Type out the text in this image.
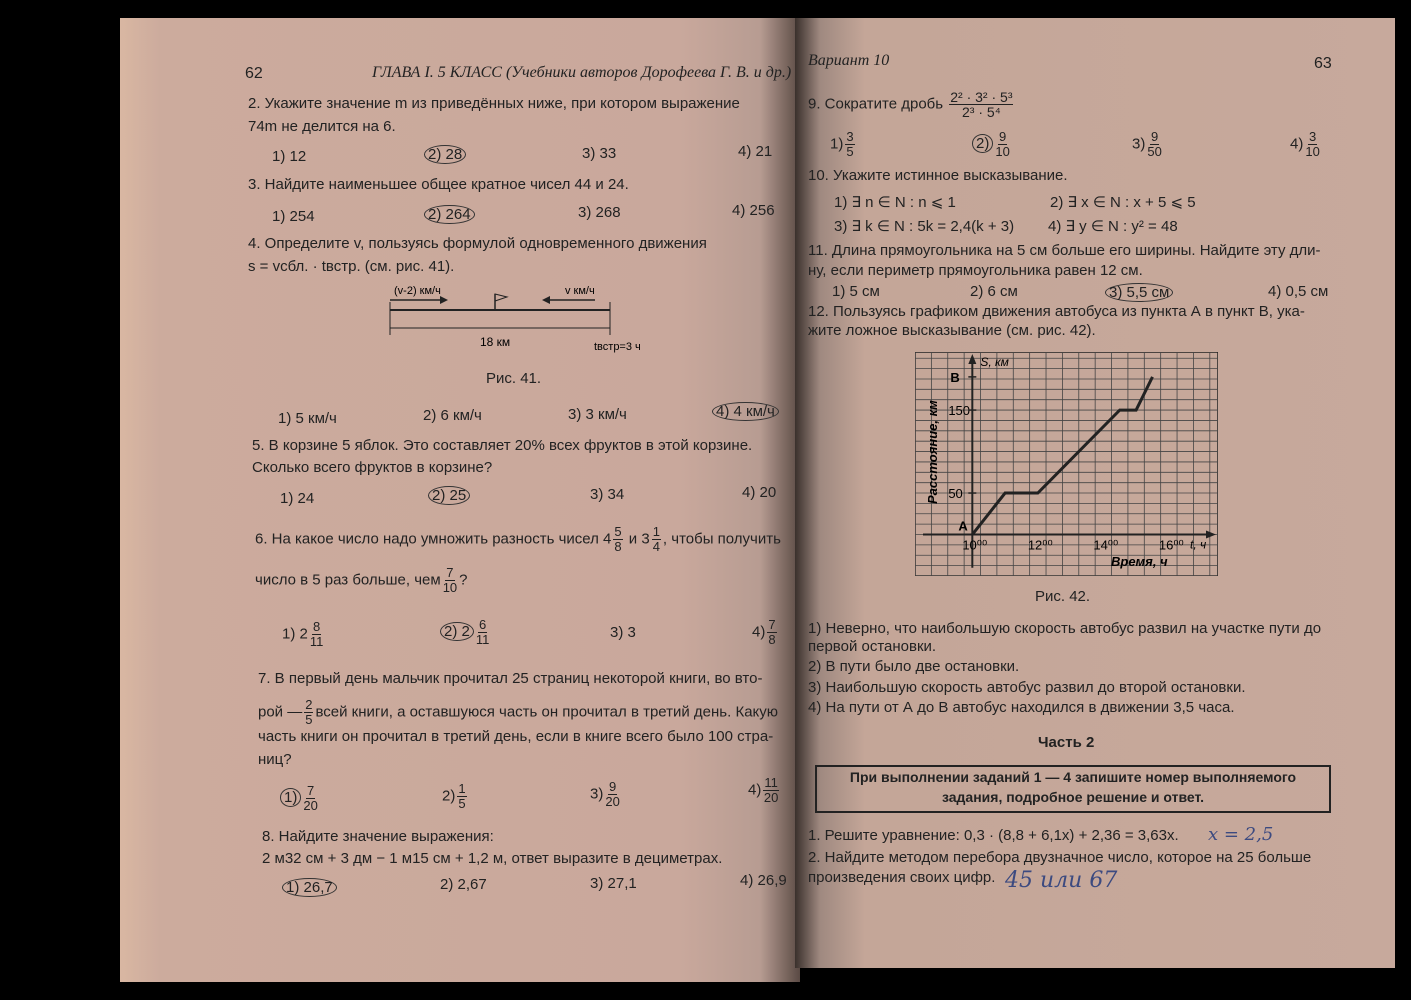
62	ГЛАВА I. 5 КЛАСС (Учебники авторов Дорофеева Г. В. и др.)
2. Укажите значение m из приведённых ниже, при котором выражение
74m не делится на 6.
1) 12	2) 28	3) 33	4) 21
3. Найдите наименьшее общее кратное чисел 44 и 24.
1) 254	2) 264	3) 268	4) 256
4. Определите v, пользуясь формулой одновременного движения
s = vсбл. · tвстр. (см. рис. 41).
(v-2) км/ч	v км/ч
18 км	tвстр=3 ч
Рис. 41.
1) 5 км/ч	2) 6 км/ч	3) 3 км/ч	4) 4 км/ч
5. В корзине 5 яблок. Это составляет 20% всех фруктов в этой корзине.
Сколько всего фруктов в корзине?
1) 24	2) 25	3) 34	4) 20
6. На какое число надо умножить разность чисел $4 \frac{5}{8}$ и $3 \frac{1}{4}$ , чтобы получить
число в 5 раз больше, чем $\frac{7}{10}$ ?
1) $2 \frac{8}{11}$	2) $2 \frac{6}{11}$	3) 3	$4) \frac{7}{8}$
7. В первый день мальчик прочитал 25 страниц некоторой книги, во вто-
рой — $\frac{2}{5}$ всей книги, а оставшуюся часть он прочитал в третий день. Какую
часть книги он прочитал в третий день, если в книге всего было 100 стра-
ниц?
$1) \frac{7}{20}$	$2) \frac{1}{5}$	$3) \frac{9}{20}$	$4) \frac{11}{20}$
8. Найдите значение выражения:
2 м32 см + 3 дм − 1 м15 см + 1,2 м, ответ выразите в дециметрах.
1) 26,7	2) 2,67	3) 27,1	4) 26,9
Вариант 10	63
9. Сократите дробь $\frac{\text{2² · 3² · 5³}}{\text{2³ · 5⁴}}$
$1) \frac{3}{5}$	$2) \frac{9}{10}$	$3) \frac{9}{50}$	$4) \frac{3}{10}$
10. Укажите истинное высказывание.
1) ∃ n ∈ N : n ⩽ 1	2) ∃ x ∈ N : x + 5 ⩽ 5
3) ∃ k ∈ N : 5k = 2,4(k + 3) 4) ∃ y ∈ N : y² = 48
11. Длина прямоугольника на 5 см больше его ширины. Найдите эту дли-
ну, если периметр прямоугольника равен 12 см.
1) 5 см	2) 6 см	3) 5,5 см	4) 0,5 см
12. Пользуясь графиком движения автобуса из пункта А в пункт В, ука-
жите ложное высказывание (см. рис. 42).
10⁰⁰	12⁰⁰	14⁰⁰	16⁰⁰
50
150
Расстояние, км
Время, ч
t, ч
S, км
А
В
Рис. 42.
1) Неверно, что наибольшую скорость автобус развил на участке пути до
первой остановки.
2) В пути было две остановки.
3) Наибольшую скорость автобус развил до второй остановки.
4) На пути от А до В автобус находился в движении 3,5 часа.
Часть 2
При выполнении заданий 1 — 4 запишите номер выполняемого
задания, подробное решение и ответ.
1. Решите уравнение: 0,3 · (8,8 + 6,1x) + 2,36 = 3,63x. x = 2,5
2. Найдите методом перебора двузначное число, которое на 25 больше
произведения своих цифр. 45 или 67
